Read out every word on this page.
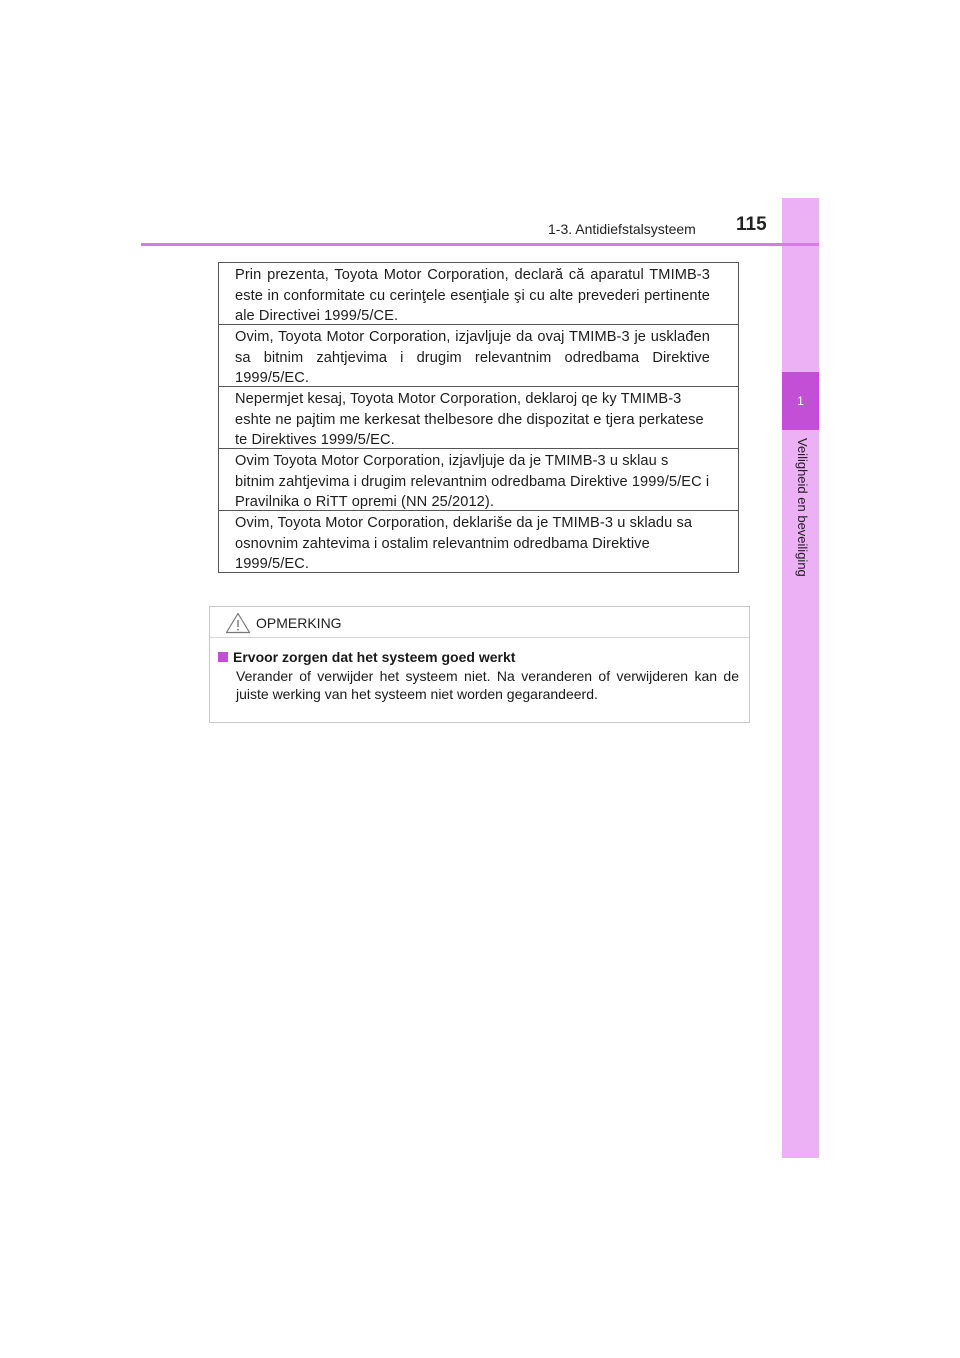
1
Veiligheid en beveiliging
1-3. Antidiefstalsysteem 115
Prin prezenta, Toyota Motor Corporation, declară că aparatul TMIMB-3 este in conformitate cu cerinţele esenţiale şi cu alte prevederi pertinente ale Directivei 1999/5/CE.
Ovim, Toyota Motor Corporation, izjavljuje da ovaj TMIMB-3 je usklađen sa bitnim zahtjevima i drugim relevantnim odredbama Direktive 1999/5/EC.
Nepermjet kesaj, Toyota Motor Corporation, deklaroj qe ky TMIMB-3 eshte ne pajtim me kerkesat thelbesore dhe dispozitat e tjera perkatese te Direktives 1999/5/EC.
Ovim Toyota Motor Corporation, izjavljuje da je TMIMB-3 u sklau s bitnim zahtjevima i drugim relevantnim odredbama Direktive 1999/5/EC i Pravilnika o RiTT opremi (NN 25/2012).
Ovim, Toyota Motor Corporation, deklariše da je TMIMB-3 u skladu sa osnovnim zahtevima i ostalim relevantnim odredbama Direktive 1999/5/EC.
OPMERKING
Ervoor zorgen dat het systeem goed werkt
Verander of verwijder het systeem niet. Na veranderen of verwijderen kan de juiste werking van het systeem niet worden gegarandeerd.
